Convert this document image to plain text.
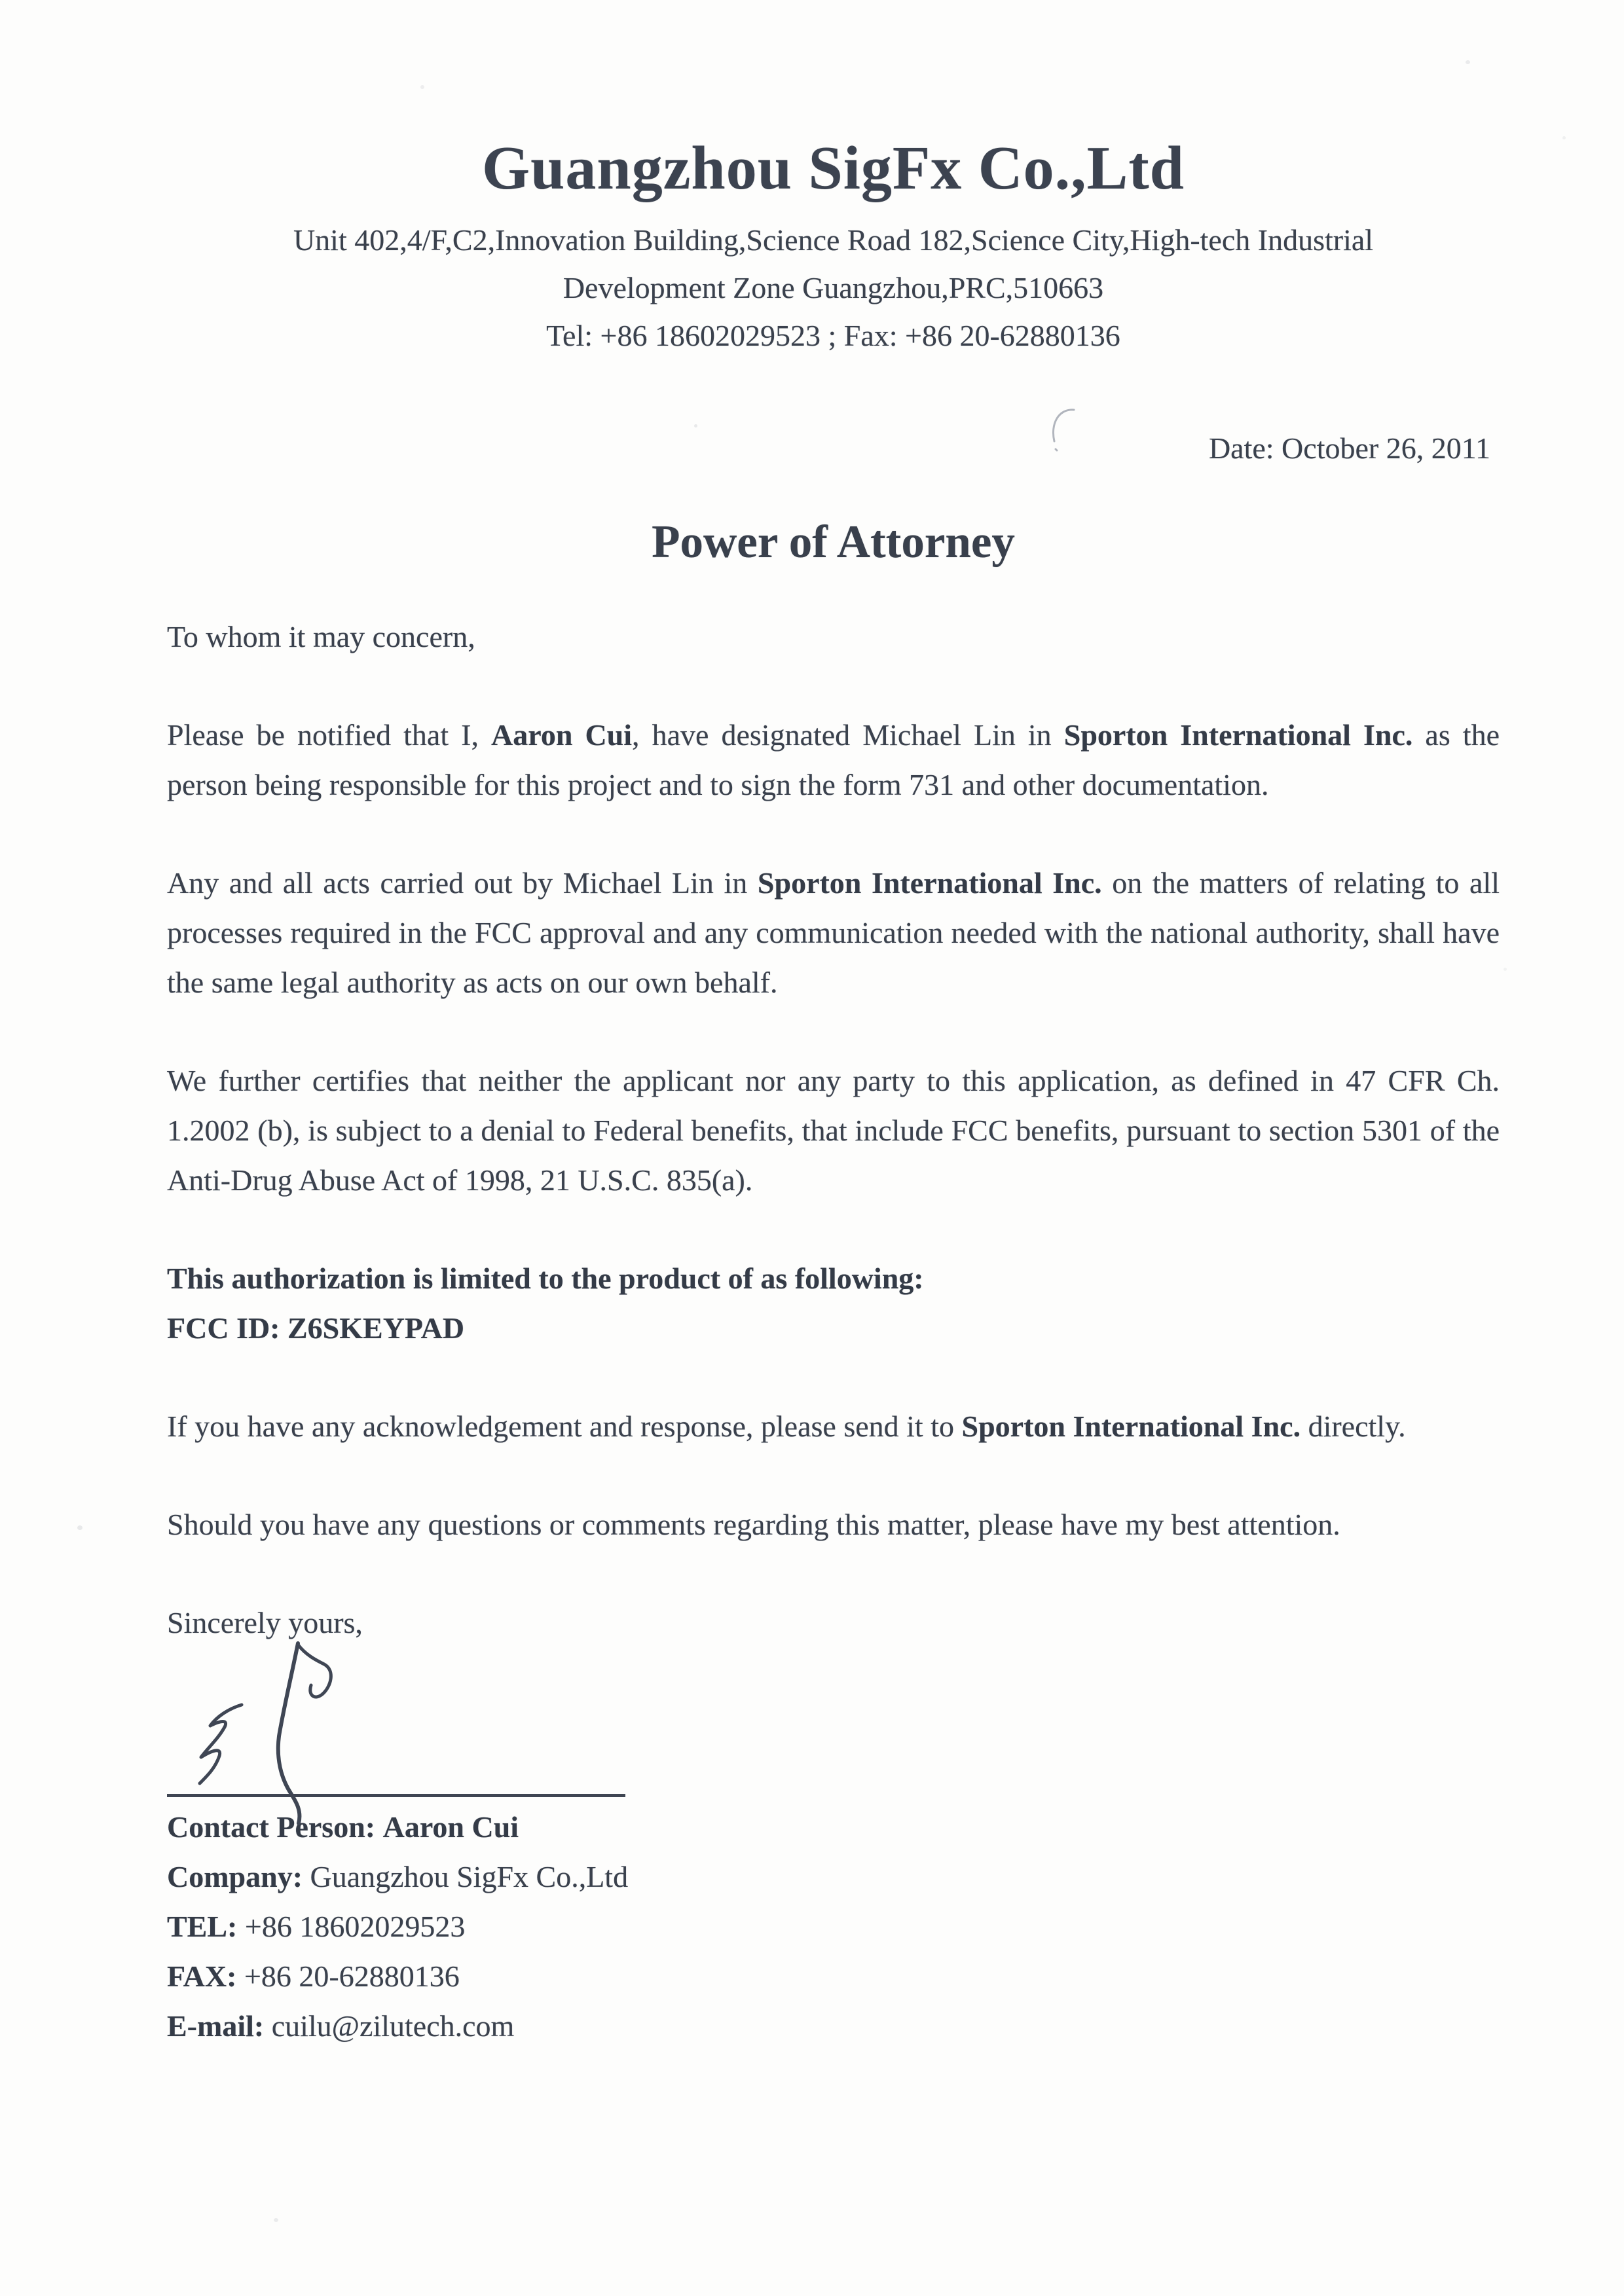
Guangzhou SigFx Co.,Ltd
Unit 402,4/F,C2,Innovation Building,Science Road 182,Science City,High-tech Industrial
Development Zone Guangzhou,PRC,510663
Tel: +86 18602029523 ; Fax: +86 20-62880136
Date: October 26, 2011
Power of Attorney

To whom it may concern,

Please be notified that I, Aaron Cui, have designated Michael Lin in Sporton International Inc. as the person being responsible for this project and to sign the form 731 and other documentation.

Any and all acts carried out by Michael Lin in Sporton International Inc. on the matters of relating to all processes required in the FCC approval and any communication needed with the national authority, shall have the same legal authority as acts on our own behalf.

We further certifies that neither the applicant nor any party to this application, as defined in 47 CFR Ch. 1.2002 (b), is subject to a denial to Federal benefits, that include FCC benefits, pursuant to section 5301 of the Anti-Drug Abuse Act of 1998, 21 U.S.C. 835(a).

This authorization is limited to the product of as following:
FCC ID: Z6SKEYPAD

If you have any acknowledgement and response, please send it to Sporton International Inc. directly.

Should you have any questions or comments regarding this matter, please have my best attention.

Sincerely yours,

Contact Person: Aaron Cui
Company: Guangzhou SigFx Co.,Ltd
TEL: +86 18602029523
FAX: +86 20-62880136
E-mail: cuilu@zilutech.com
